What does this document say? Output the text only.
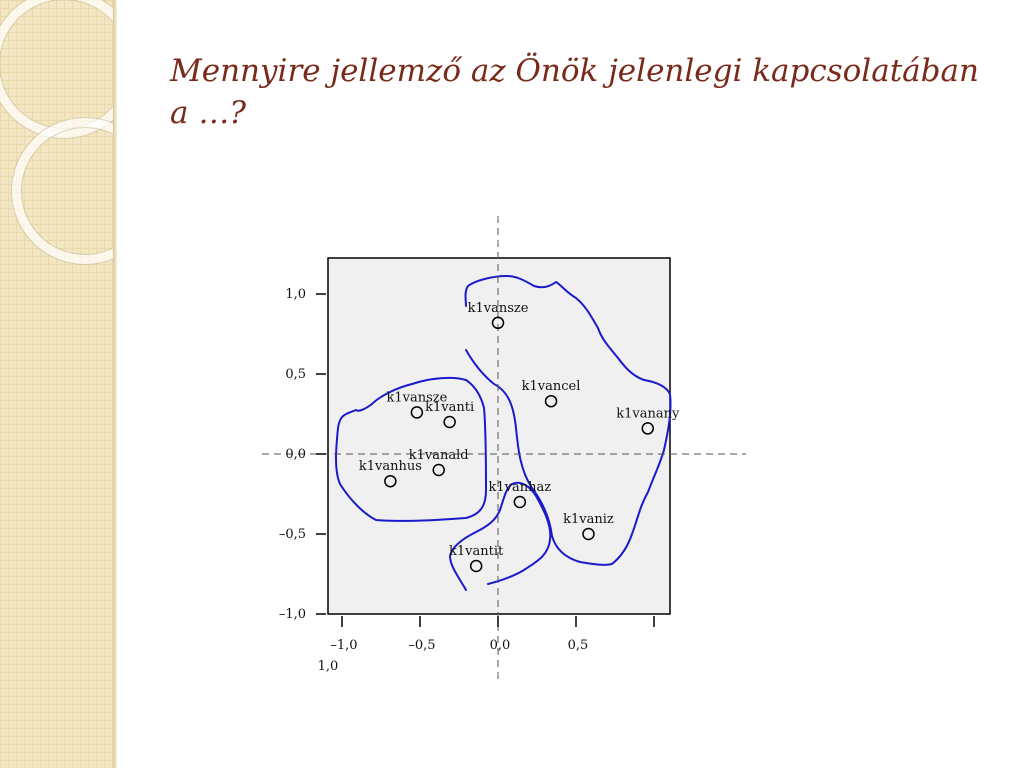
Mennyire jellemző az Önök jelenlegi kapcsolatában a …?
k1vansze
k1vancel
k1vanany
k1vansze
k1vanti
k1vanhus
k1vanald
k1vanhaz
k1vaniz
k1vantit
1,0
0,5
0,0
–0,5
–1,0
–1,0	–0,5	0,0	0,5
1,0
